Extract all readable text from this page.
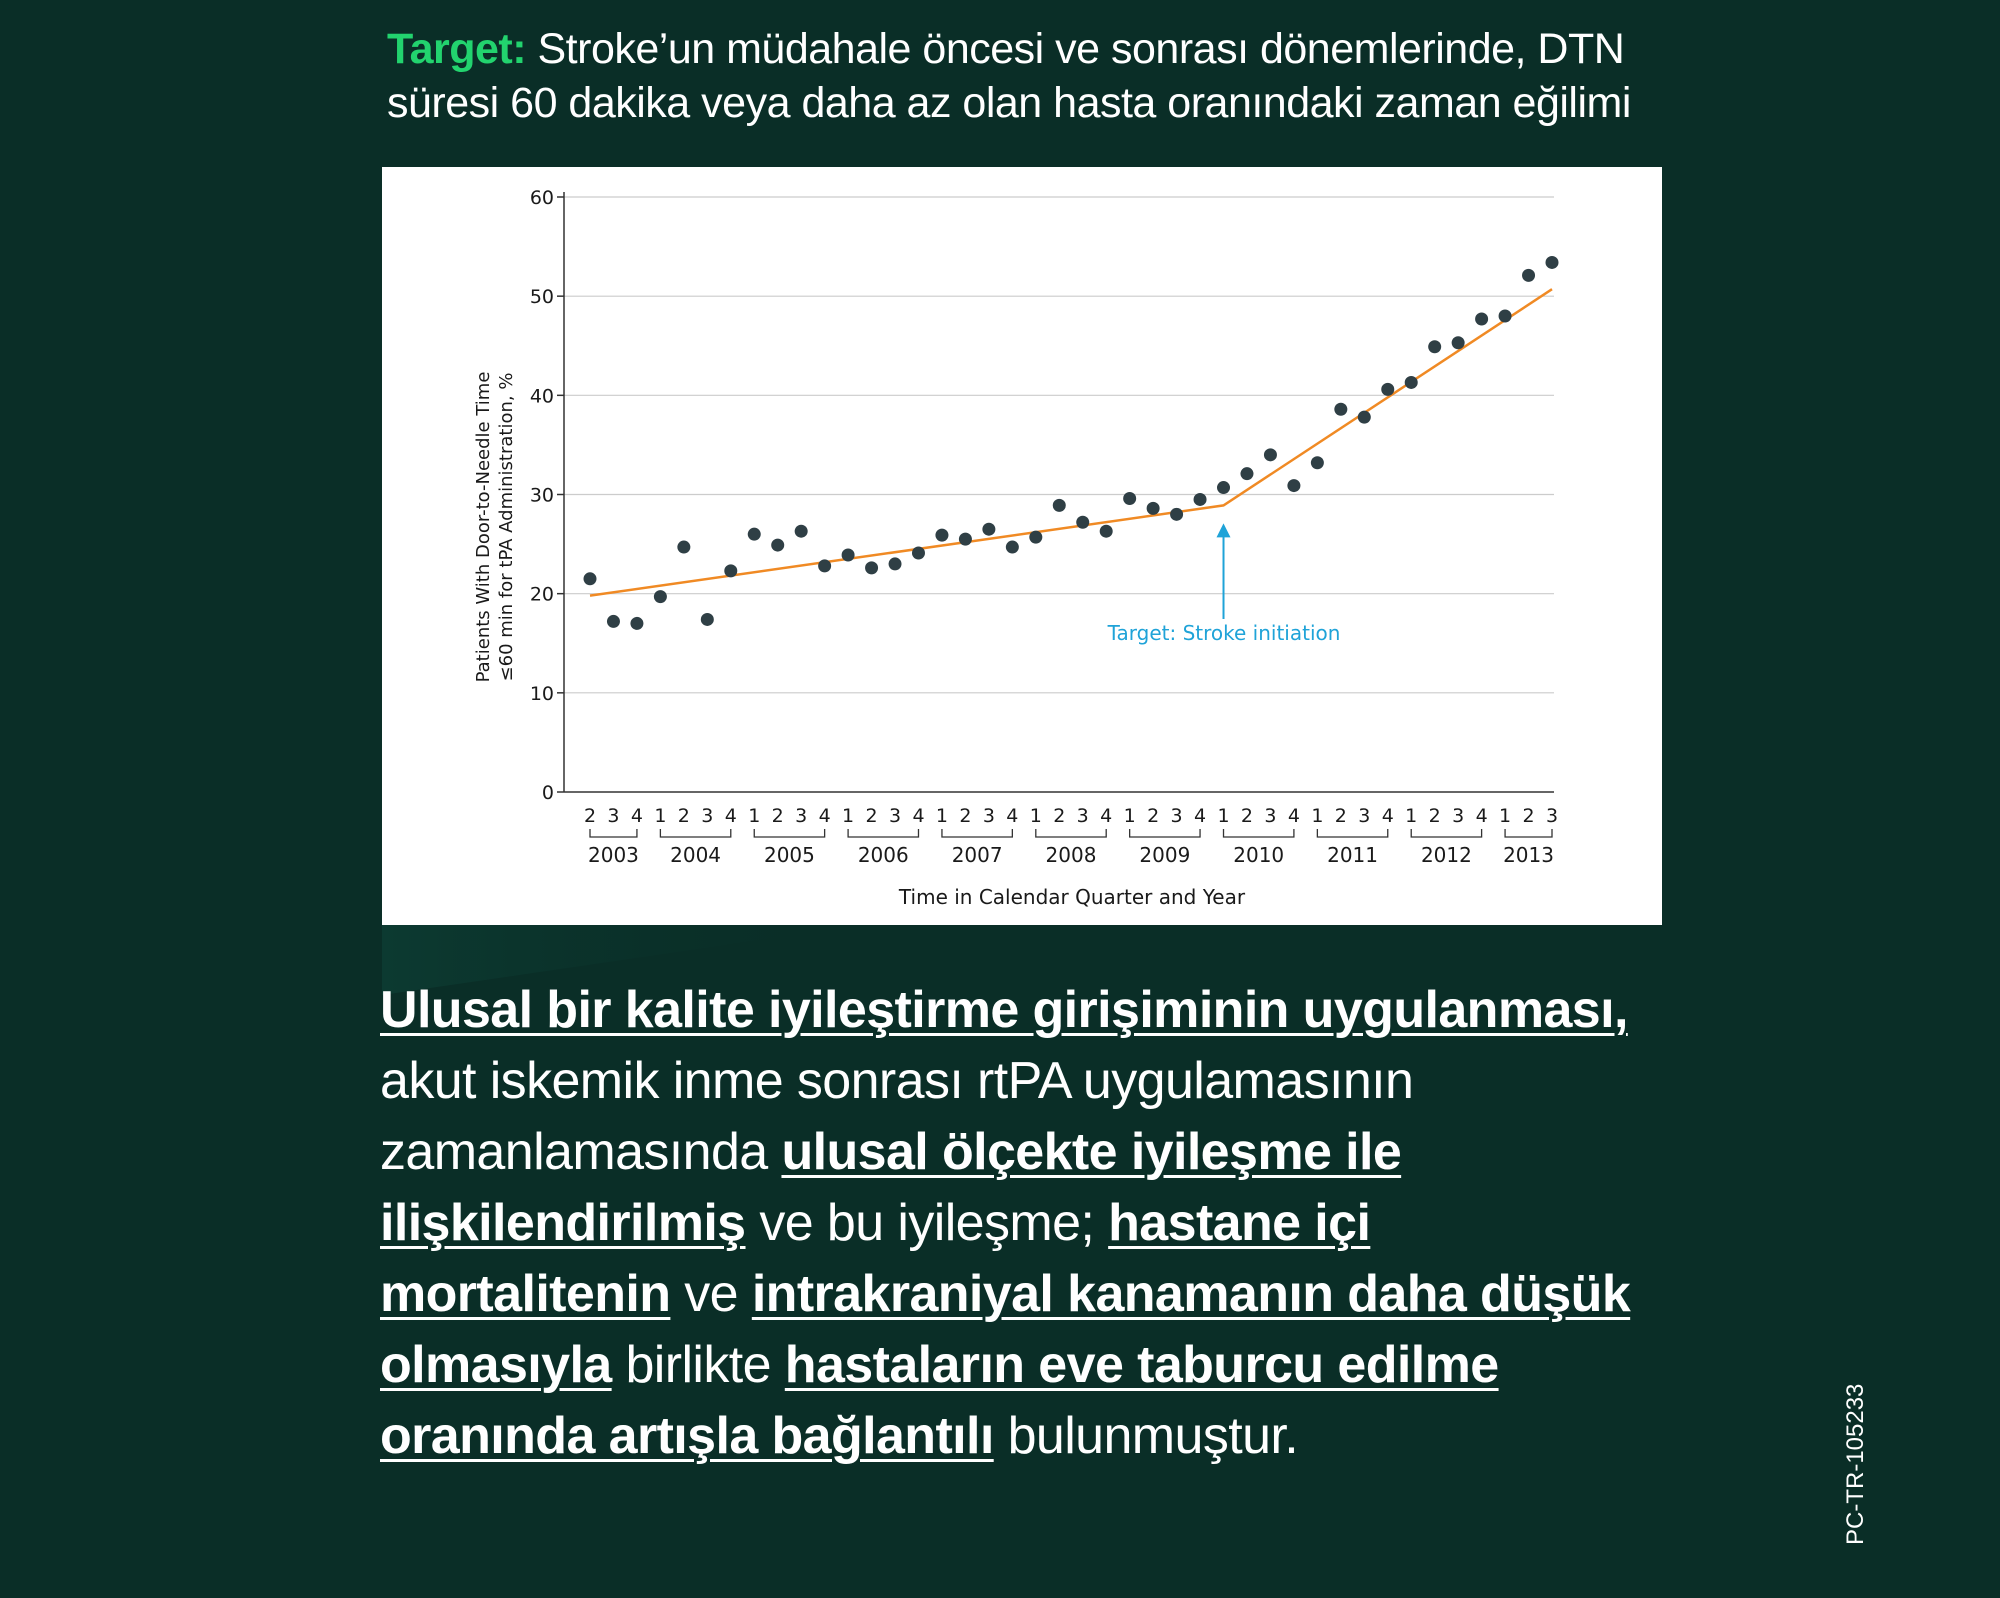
Target: Stroke’un müdahale öncesi ve sonrası dönemlerinde, DTN süresi 60 dakika veya daha az olan hasta oranındaki zaman eğilimi
0
10
20
30
40
50
60
2 3 4 1 2 3 4 1 2 3 4 1 2 3 4 1 2 3 4 1 2 3 4 1 2 3 4 1 2 3 4 1 2 3 4 1 2 3 4 1 2 3
2003 2004 2005 2006 2007 2008 2009 2010 2011 2012 2013
Patients With Door-to-Needle Time ≤60 min for tPA Administration, %
Time in Calendar Quarter and Year
Target: Stroke initiation
Ulusal bir kalite iyileştirme girişiminin uygulanması, akut iskemik inme sonrası rtPA uygulamasının zamanlamasında ulusal ölçekte iyileşme ile ilişkilendirilmiş ve bu iyileşme; hastane içi mortalitenin ve intrakraniyal kanamanın daha düşük olmasıyla birlikte hastaların eve taburcu edilme oranında artışla bağlantılı bulunmuştur.	PC-TR-105233
